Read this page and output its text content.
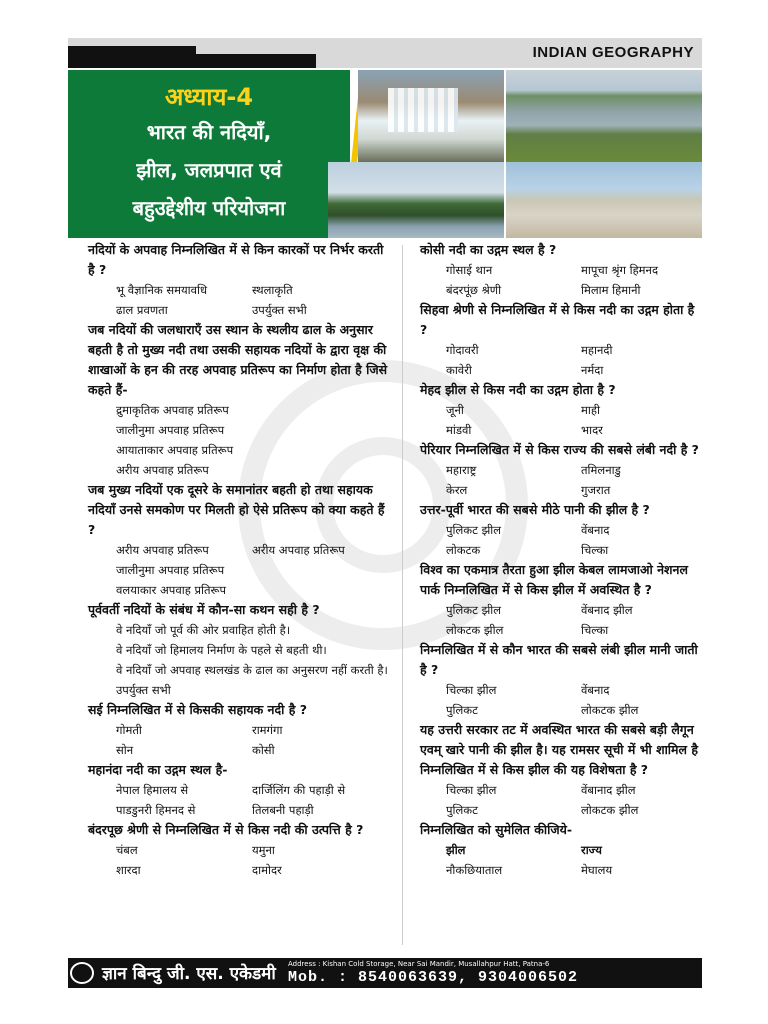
INDIAN GEOGRAPHY
अध्याय-4
भारत की नदियाँ,
झील, जलप्रपात एवं
बहुउद्देशीय परियोजना

नदियों के अपवाह निम्नलिखित में से किन कारकों पर निर्भर करती है ?

भू वैज्ञानिक समयावधि	स्थलाकृति
ढाल प्रवणता	उपर्युक्त सभी

जब नदियों की जलधाराएँ उस स्थान के स्थलीय ढाल के अनुसार बहती है तो मुख्य नदी तथा उसकी सहायक नदियों के द्वारा वृक्ष की शाखाओं के हन की तरह अपवाह प्रतिरूप का निर्माण होता है जिसे कहते हैं-

द्रुमाकृतिक अपवाह प्रतिरूप
जालीनुमा अपवाह प्रतिरूप
आयाताकार अपवाह प्रतिरूप
अरीय अपवाह प्रतिरूप

जब मुख्य नदियों एक दूसरे के समानांतर बहती हो तथा सहायक नदियाँ उनसे समकोण पर मिलती हो ऐसे प्रतिरूप को क्या कहते हैं ?

अरीय अपवाह प्रतिरूप	अरीय अपवाह प्रतिरूप
जालीनुमा अपवाह प्रतिरूप
वलयाकार अपवाह प्रतिरूप

पूर्ववर्ती नदियों के संबंध में कौन-सा कथन सही है ?

वे नदियाँ जो पूर्व की ओर प्रवाहित होती है।
वे नदियाँ जो हिमालय निर्माण के पहले से बहती थी।
वे नदियाँ जो अपवाह स्थलखंड के ढाल का अनुसरण नहीं करती है।
उपर्युक्त सभी

सई निम्नलिखित में से किसकी सहायक नदी है ?

गोमती	रामगंगा
सोन	कोसी

महानंदा नदी का उद्गम स्थल है-

नेपाल हिमालय से	दार्जिलिंग की पहाड़ी से
पाडडुनरी हिमनद से	तिलबनी पहाड़ी

बंदरपूछ श्रेणी से निम्नलिखित में से किस नदी की उत्पत्ति है ?

चंबल	यमुना
शारदा	दामोदर

कोसी नदी का उद्गम स्थल है ?

गोसाई थान	मापूचा श्रृंग हिमनद
बंदरपूंछ श्रेणी	मिलाम हिमानी

सिहवा श्रेणी से निम्नलिखित में से किस नदी का उद्गम होता है ?

गोदावरी	महानदी
कावेरी	नर्मदा

मेहद झील से किस नदी का उद्गम होता है ?

जूनी	माही
मांडवी	भादर

पेरियार निम्नलिखित में से किस राज्य की सबसे लंबी नदी है ?

महाराष्ट्र	तमिलनाडु
केरल	गुजरात

उत्तर-पूर्वी भारत की सबसे मीठे पानी की झील है ?

पुलिकट झील	वेंबनाद
लोकटक	चिल्का

विश्व का एकमात्र तैरता हुआ झील केबल लामजाओ नेशनल पार्क निम्नलिखित में से किस झील में अवस्थित है ?

पुलिकट झील	वेंबनाद झील
लोकटक झील	चिल्का

निम्नलिखित में से कौन भारत की सबसे लंबी झील मानी जाती है ?

चिल्का झील	वेंबनाद
पुलिकट	लोकटक झील

यह उत्तरी सरकार तट में अवस्थित भारत की सबसे बड़ी लैगून एवम् खारे पानी की झील है। यह रामसर सूची में भी शामिल है निम्नलिखित में से किस झील की यह विशेषता है ?

चिल्का झील	वेंबानाद झील
पुलिकट	लोकटक झील

निम्नलिखित को सुमेलित कीजिये-

झील	राज्य
नौकछियाताल	मेघालय
ज्ञान बिन्दु जी. एस. एकेडमी Address : Kishan Cold Storage, Near Sai Mandir, Musallahpur Hatt, Patna-6
Mob. : 8540063639, 9304006502
